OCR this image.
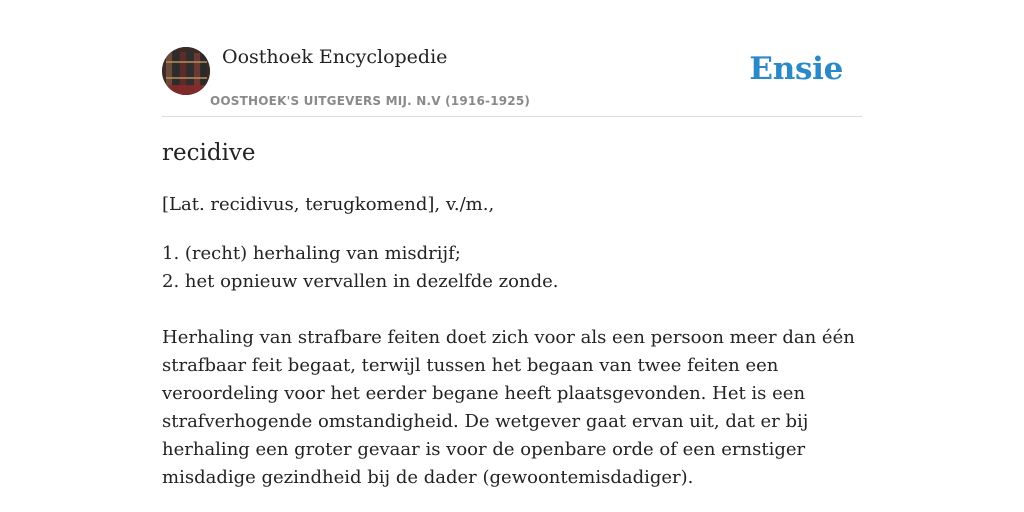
Oosthoek Encyclopedie
OOSTHOEK'S UITGEVERS MIJ. N.V (1916-1925)
Ensie
recidive
[Lat. recidivus, terugkomend], v./m.,
1. (recht) herhaling van misdrijf;
2. het opnieuw vervallen in dezelfde zonde.

Herhaling van strafbare feiten doet zich voor als een persoon meer dan één strafbaar feit begaat, terwijl tussen het begaan van twee feiten een veroordeling voor het eerder begane heeft plaatsgevonden. Het is een strafverhogende omstandigheid. De wetgever gaat ervan uit, dat er bij herhaling een groter gevaar is voor de openbare orde of een ernstiger misdadige gezindheid bij de dader (gewoontemisdadiger).
